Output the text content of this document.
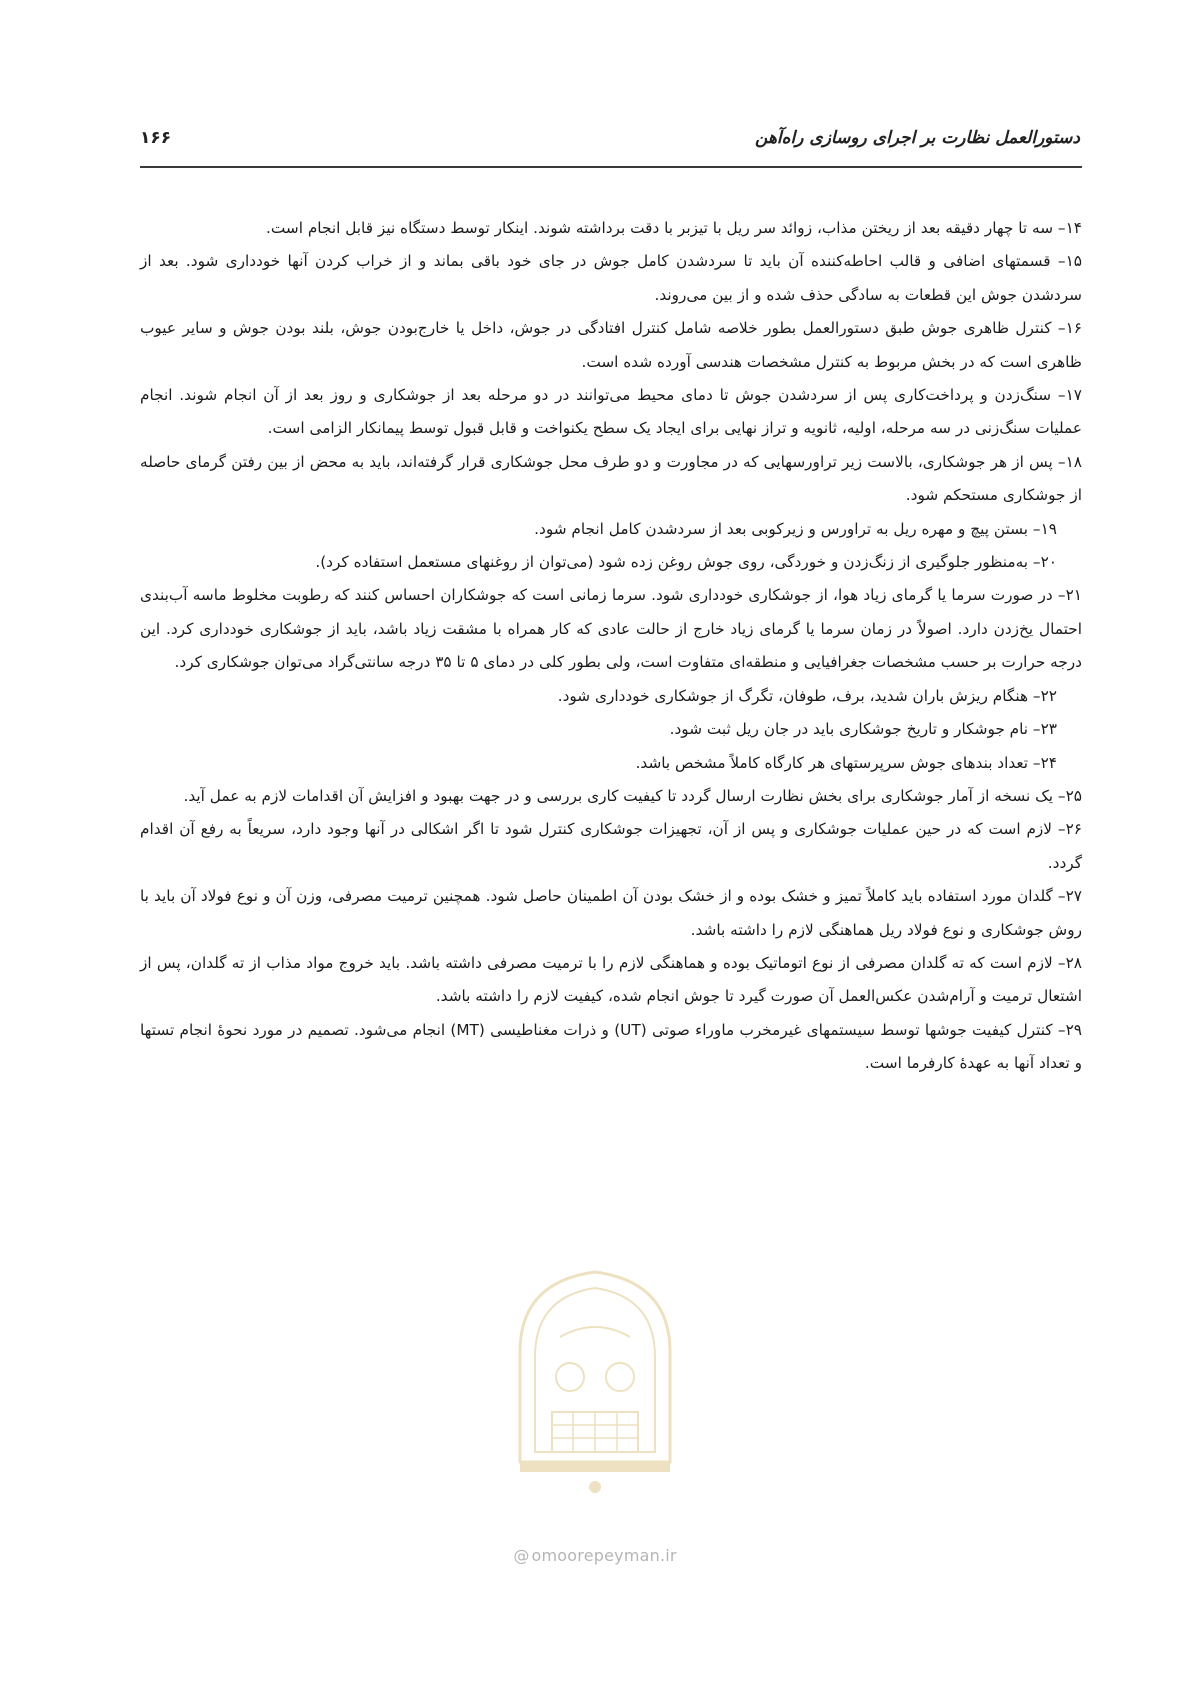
دستورالعمل نظارت بر اجرای روسازی راه‌آهن
۱۶۶

۱۴– سه تا چهار دقیقه بعد از ریختن مذاب، زوائد سر ریل با تیزبر با دقت برداشته شوند. اینکار توسط دستگاه نیز قابل انجام است.

۱۵– قسمتهای اضافی و قالب احاطه‌کننده آن باید تا سردشدن کامل جوش در جای خود باقی بماند و از خراب کردن آنها خودداری شود. بعد از سردشدن جوش این قطعات به سادگی حذف شده و از بین می‌روند.

۱۶– کنترل ظاهری جوش طبق دستورالعمل بطور خلاصه شامل کنترل افتادگی در جوش، داخل یا خارج‌بودن جوش، بلند بودن جوش و سایر عیوب ظاهری است که در بخش مربوط به کنترل مشخصات هندسی آورده شده است.

۱۷– سنگ‌زدن و پرداخت‌کاری پس از سردشدن جوش تا دمای محیط می‌توانند در دو مرحله بعد از جوشکاری و روز بعد از آن انجام شوند. انجام عملیات سنگ‌زنی در سه مرحله، اولیه، ثانویه و تراز نهایی برای ایجاد یک سطح یکنواخت و قابل قبول توسط پیمانکار الزامی است.

۱۸– پس از هر جوشکاری، بالاست زیر تراورسهایی که در مجاورت و دو طرف محل جوشکاری قرار گرفته‌اند، باید به محض از بین رفتن گرمای حاصله از جوشکاری مستحکم شود.

۱۹– بستن پیچ و مهره ریل به تراورس و زیرکوبی بعد از سردشدن کامل انجام شود.

۲۰– به‌منظور جلوگیری از زنگ‌زدن و خوردگی، روی جوش روغن زده شود (می‌توان از روغنهای مستعمل استفاده کرد).

۲۱– در صورت سرما یا گرمای زیاد هوا، از جوشکاری خودداری شود. سرما زمانی است که جوشکاران احساس کنند که رطوبت مخلوط ماسه آب‌بندی احتمال یخ‌زدن دارد. اصولاً در زمان سرما یا گرمای زیاد خارج از حالت عادی که کار همراه با مشقت زیاد باشد، باید از جوشکاری خودداری کرد. این درجه حرارت بر حسب مشخصات جغرافیایی و منطقه‌ای متفاوت است، ولی بطور کلی در دمای ۵ تا ۳۵ درجه سانتی‌گراد می‌توان جوشکاری کرد.

۲۲– هنگام ریزش باران شدید، برف، طوفان، تگرگ از جوشکاری خودداری شود.

۲۳– نام جوشکار و تاریخ جوشکاری باید در جان ریل ثبت شود.

۲۴– تعداد بندهای جوش سرپرستهای هر کارگاه کاملاً مشخص باشد.

۲۵– یک نسخه از آمار جوشکاری برای بخش نظارت ارسال گردد تا کیفیت کاری بررسی و در جهت بهبود و افزایش آن اقدامات لازم به عمل آید.

۲۶– لازم است که در حین عملیات جوشکاری و پس از آن، تجهیزات جوشکاری کنترل شود تا اگر اشکالی در آنها وجود دارد، سریعاً به رفع آن اقدام گردد.

۲۷– گلدان مورد استفاده باید کاملاً تمیز و خشک بوده و از خشک بودن آن اطمینان حاصل شود. همچنین ترمیت مصرفی، وزن آن و نوع فولاد آن باید با روش جوشکاری و نوع فولاد ریل هماهنگی لازم را داشته باشد.

۲۸– لازم است که ته گلدان مصرفی از نوع اتوماتیک بوده و هماهنگی لازم را با ترمیت مصرفی داشته باشد. باید خروج مواد مذاب از ته گلدان، پس از اشتعال ترمیت و آرام‌شدن عکس‌العمل آن صورت گیرد تا جوش انجام شده، کیفیت لازم را داشته باشد.

۲۹– کنترل کیفیت جوشها توسط سیستمهای غیرمخرب ماوراء صوتی (UT) و ذرات مغناطیسی (MT) انجام می‌شود. تصمیم در مورد نحوهٔ انجام تستها و تعداد آنها به عهدهٔ کارفرما است.

@ omoorepeyman.ir
